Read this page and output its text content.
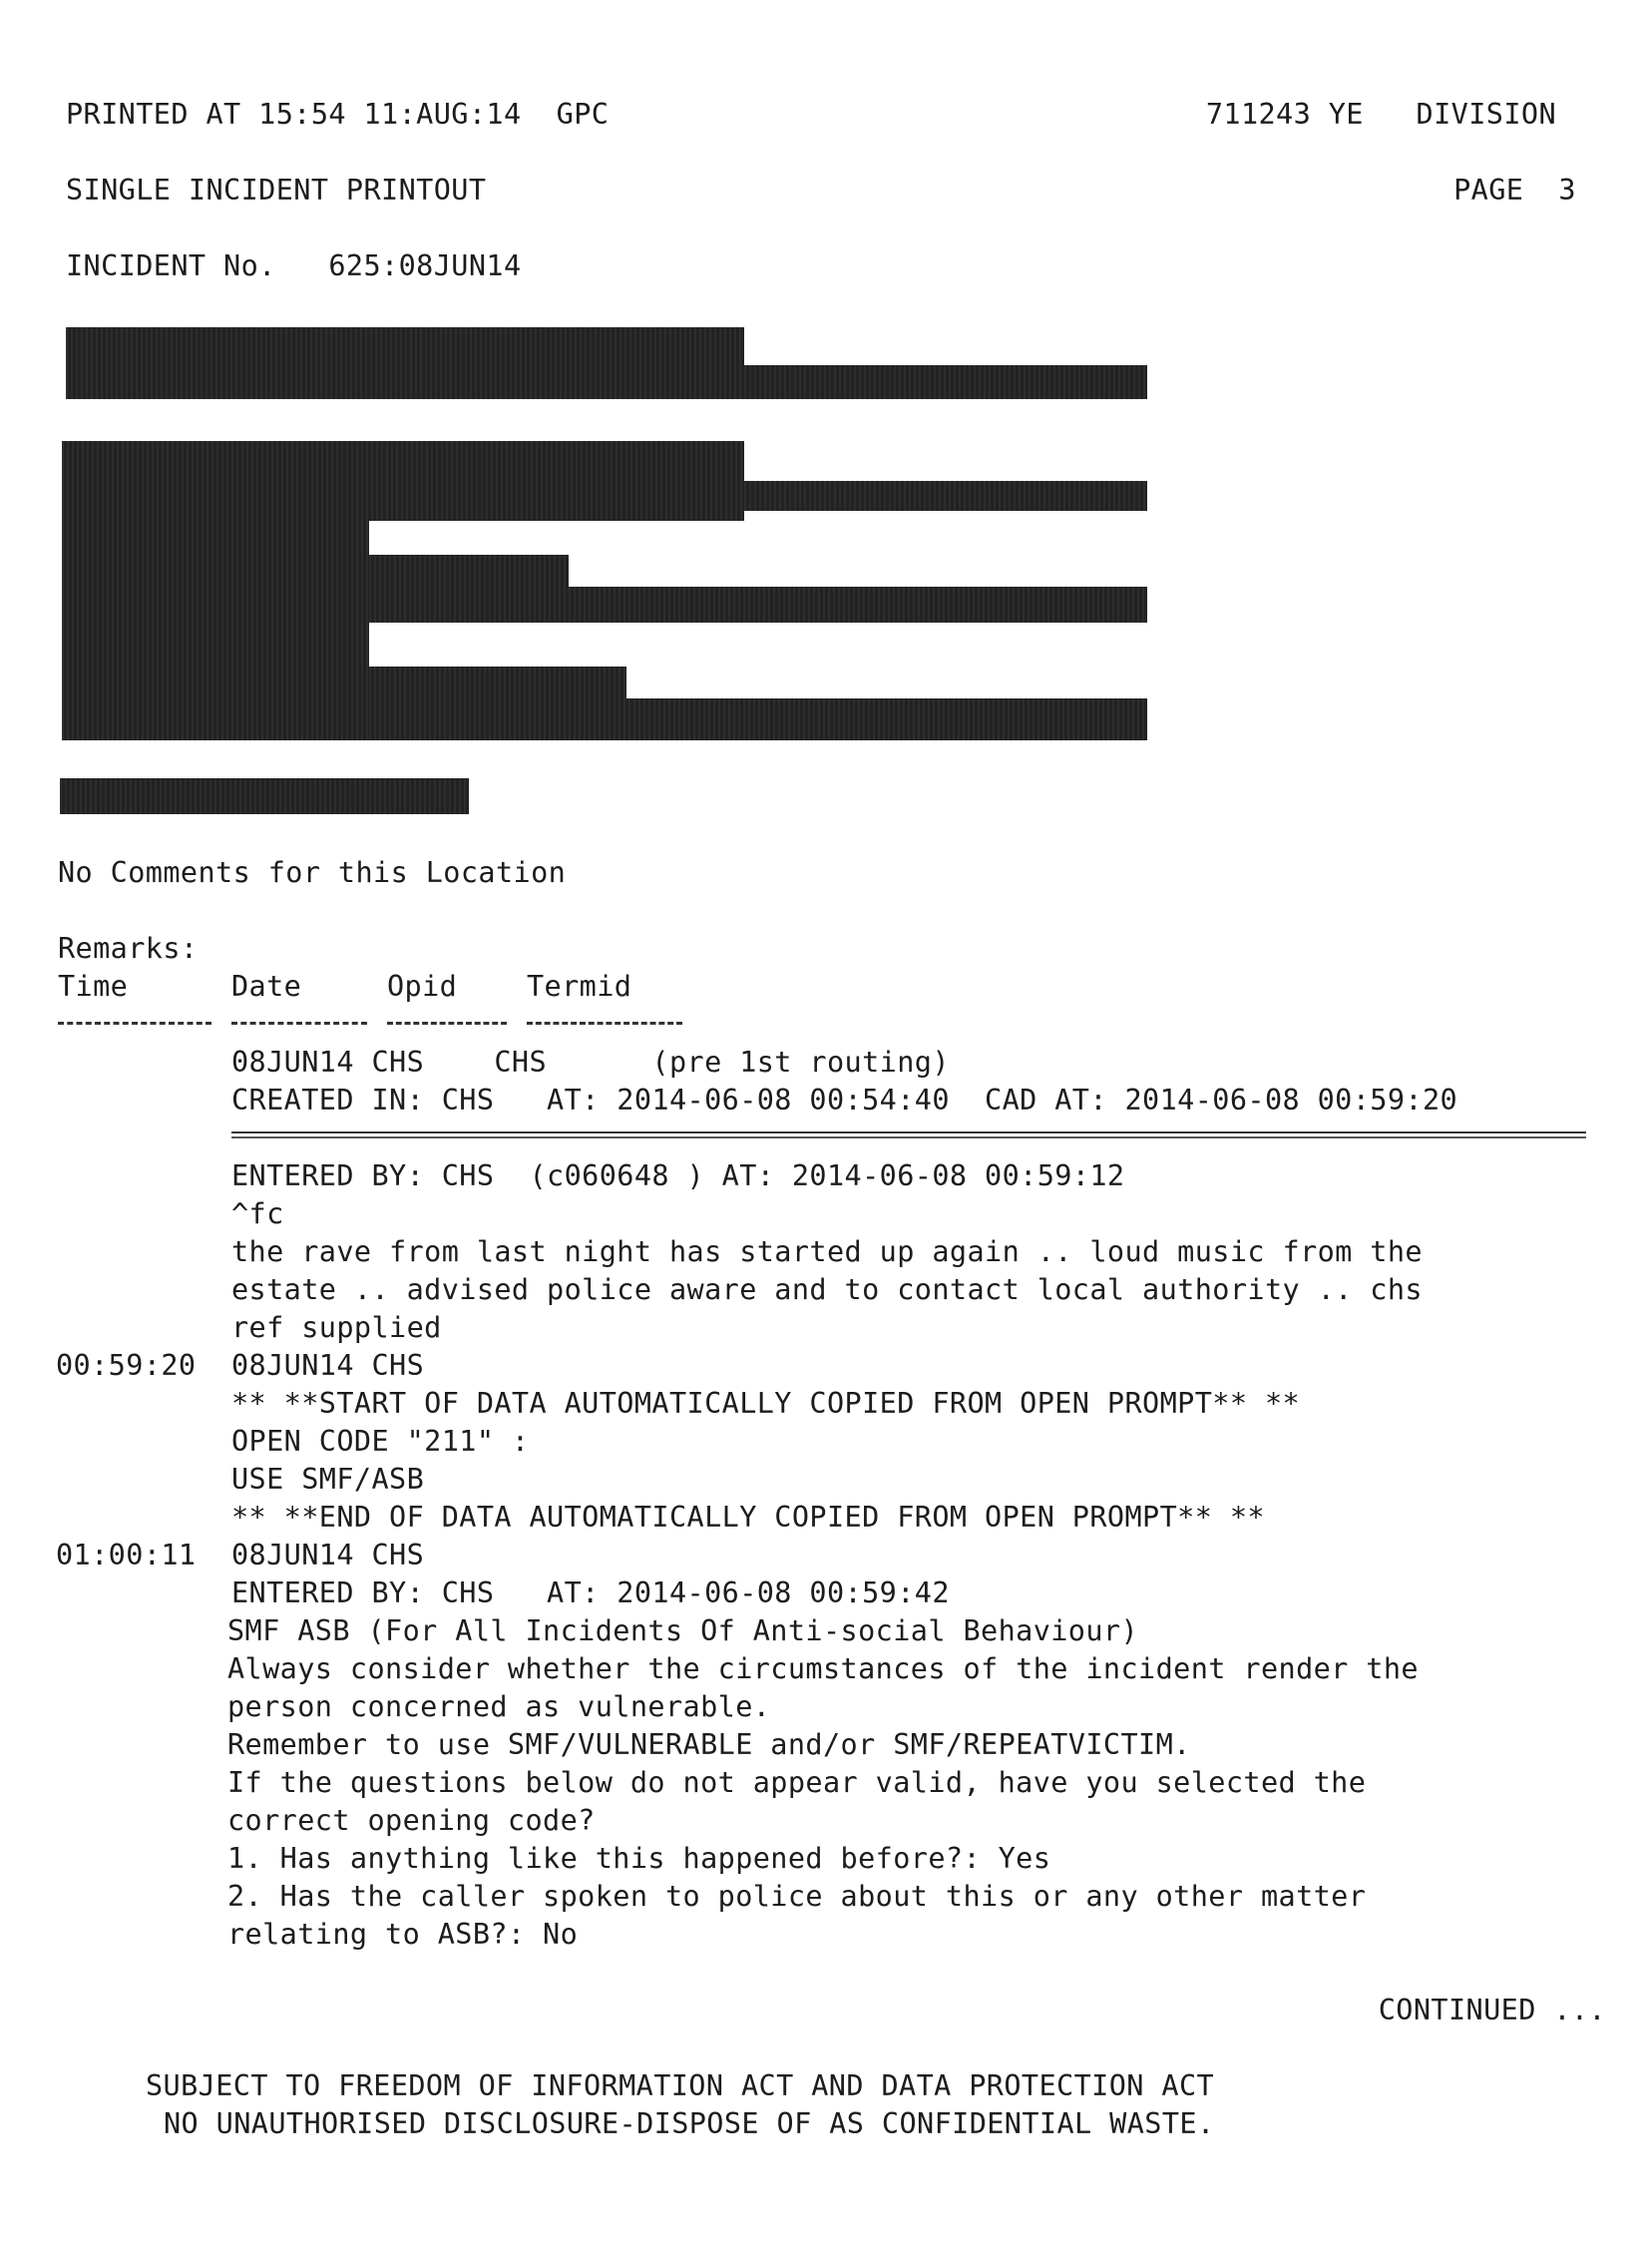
PRINTED AT 15:54 11:AUG:14  GPC	711243 YE   DIVISION
SINGLE INCIDENT PRINTOUT	PAGE  3
INCIDENT No.   625:08JUN14
No Comments for this Location
Remarks:
Time	Date	Opid Termid
08JUN14 CHS    CHS      (pre 1st routing)
CREATED IN: CHS   AT: 2014-06-08 00:54:40  CAD AT: 2014-06-08 00:59:20
ENTERED BY: CHS  (c060648 ) AT: 2014-06-08 00:59:12
^fc
the rave from last night has started up again .. loud music from the
estate .. advised police aware and to contact local authority .. chs
ref supplied
00:59:20 08JUN14 CHS
** **START OF DATA AUTOMATICALLY COPIED FROM OPEN PROMPT** **
OPEN CODE "211" :
USE SMF/ASB
** **END OF DATA AUTOMATICALLY COPIED FROM OPEN PROMPT** **
01:00:11 08JUN14 CHS
ENTERED BY: CHS   AT: 2014-06-08 00:59:42
SMF ASB (For All Incidents Of Anti-social Behaviour)
Always consider whether the circumstances of the incident render the
person concerned as vulnerable.
Remember to use SMF/VULNERABLE and/or SMF/REPEATVICTIM.
If the questions below do not appear valid, have you selected the
correct opening code?
1. Has anything like this happened before?: Yes
2. Has the caller spoken to police about this or any other matter
relating to ASB?: No
CONTINUED ...
SUBJECT TO FREEDOM OF INFORMATION ACT AND DATA PROTECTION ACT
NO UNAUTHORISED DISCLOSURE-DISPOSE OF AS CONFIDENTIAL WASTE.
